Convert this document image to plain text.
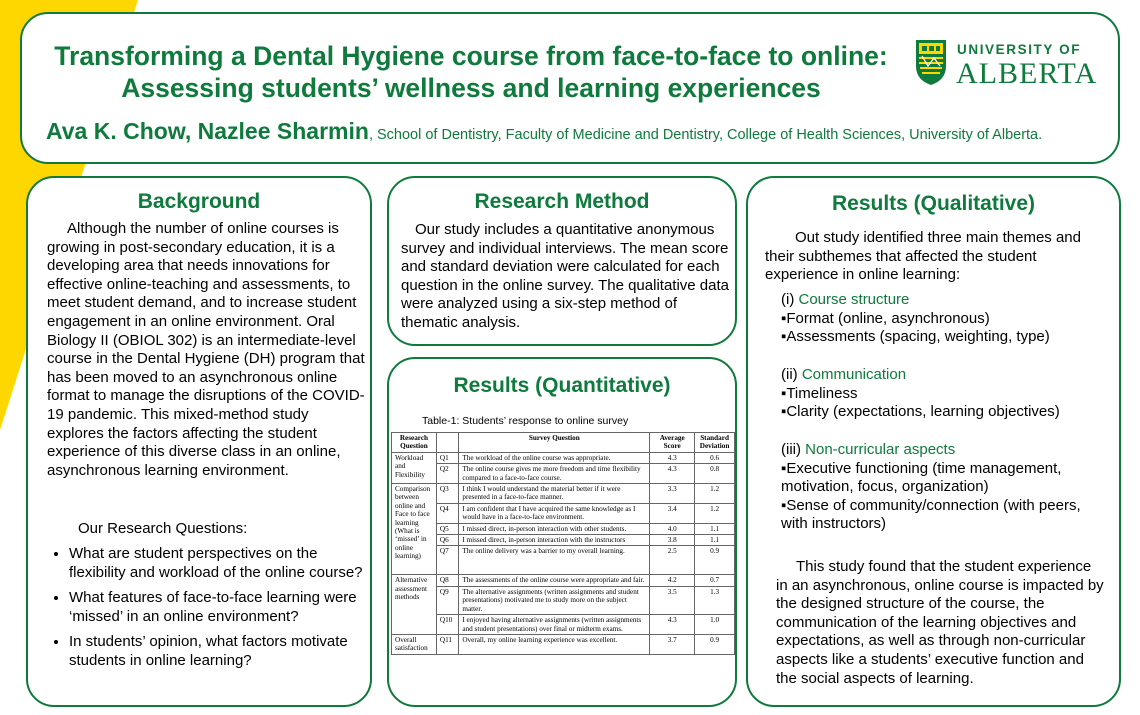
Transforming a Dental Hygiene course from face-to-face to online: Assessing students’ wellness and learning experiences
Ava K. Chow, Nazlee Sharmin, School of Dentistry, Faculty of Medicine and Dentistry, College of Health Sciences, University of Alberta.
UNIVERSITY OF
ALBERTA
Background
Although the number of online courses is growing in post-secondary education, it is a developing area that needs innovations for effective online-teaching and assessments, to meet student demand, and to increase student engagement in an online environment. Oral Biology II (OBIOL 302) is an intermediate-level course in the Dental Hygiene (DH) program that has been moved to an asynchronous online format to manage the disruptions of the COVID-19 pandemic. This mixed-method study explores the factors affecting the student experience of this diverse class in an online, asynchronous learning environment.
Our Research Questions:
• What are student perspectives on the flexibility and workload of the online course?
• What features of face-to-face learning were ‘missed’ in an online environment?
• In students’ opinion, what factors motivate students in online learning?
Research Method
Our study includes a quantitative anonymous survey and individual interviews. The mean score and standard deviation were calculated for each question in the online survey. The qualitative data were analyzed using a six-step method of thematic analysis.
Results (Quantitative)
Table-1: Students’ response to online survey
Research Question		Survey Question	Average Score	Standard Deviation
Workload and Flexibility	Q1	The workload of the online course was appropriate.	4.3	0.6
	Q2	The online course gives me more freedom and time flexibility compared to a face-to-face course.	4.3	0.8
Comparison between online and Face to face learning (What is ‘missed’ in online learning)	Q3	I think I would understand the material better if it were presented in a face-to-face manner.	3.3	1.2
	Q4	I am confident that I have acquired the same knowledge as I would have in a face-to-face environment.	3.4	1.2
	Q5	I missed direct, in-person interaction with other students.	4.0	1.1
	Q6	I missed direct, in-person interaction with the instructors	3.8	1.1
	Q7	The online delivery was a barrier to my overall learning.	2.5	0.9
Alternative assessment methods	Q8	The assessments of the online course were appropriate and fair.	4.2	0.7
	Q9	The alternative assignments (written assignments and student presentations) motivated me to study more on the subject matter.	3.5	1.3
	Q10	I enjoyed having alternative assignments (written assignments and student presentations) over final or midterm exams.	4.3	1.0
Overall satisfaction	Q11	Overall, my online learning experience was excellent.	3.7	0.9
Results (Qualitative)
Out study identified three main themes and their subthemes that affected the student experience in online learning:
(i) Course structure
▪Format (online, asynchronous)
▪Assessments (spacing, weighting, type)
(ii) Communication
▪Timeliness
▪Clarity (expectations, learning objectives)
(iii) Non-curricular aspects
▪Executive functioning (time management, motivation, focus, organization)
▪Sense of community/connection (with peers, with instructors)
This study found that the student experience in an asynchronous, online course is impacted by the designed structure of the course, the communication of the learning objectives and expectations, as well as through non-curricular aspects like a students’ executive function and the social aspects of learning.
